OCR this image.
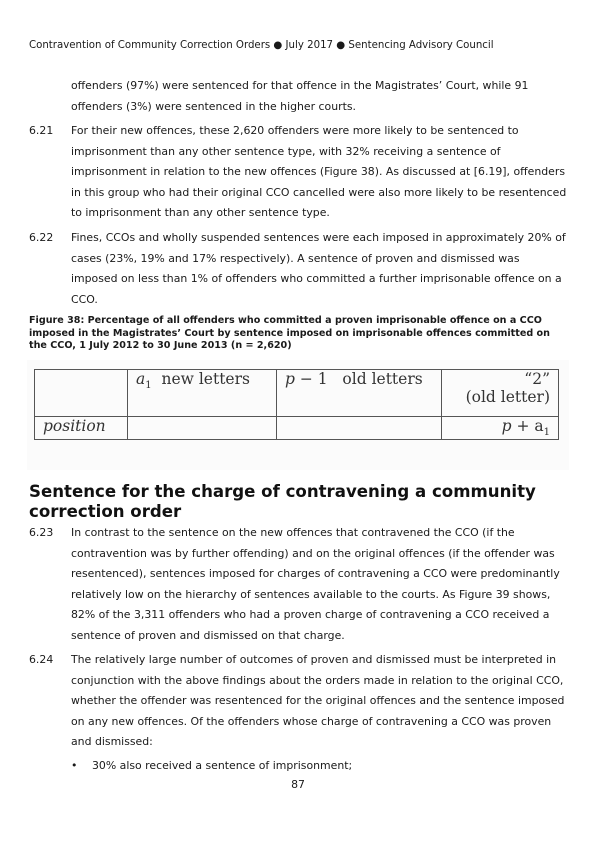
Contravention of Community Correction Orders ● July 2017 ● Sentencing Advisory Council
offenders (97%) were sentenced for that offence in the Magistrates’ Court, while 91 offenders (3%) were sentenced in the higher courts.
6.21 For their new offences, these 2,620 offenders were more likely to be sentenced to imprisonment than any other sentence type, with 32% receiving a sentence of imprisonment in relation to the new offences (Figure 38). As discussed at [6.19], offenders in this group who had their original CCO cancelled were also more likely to be resentenced to imprisonment than any other sentence type.
6.22 Fines, CCOs and wholly suspended sentences were each imposed in approximately 20% of cases (23%, 19% and 17% respectively). A sentence of proven and dismissed was imposed on less than 1% of offenders who committed a further imprisonable offence on a CCO.
Figure 38: Percentage of all offenders who committed a proven imprisonable offence on a CCO imposed in the Magistrates’ Court by sentence imposed on imprisonable offences committed on the CCO, 1 July 2012 to 30 June 2013 (n = 2,620)
	$a_1$ new letters	p − 1   old letters	“2”
(old letter)

position			$p + a_1$
Sentence for the charge of contravening a community correction order
6.23 In contrast to the sentence on the new offences that contravened the CCO (if the contravention was by further offending) and on the original offences (if the offender was resentenced), sentences imposed for charges of contravening a CCO were predominantly relatively low on the hierarchy of sentences available to the courts. As Figure 39 shows, 82% of the 3,311 offenders who had a proven charge of contravening a CCO received a sentence of proven and dismissed on that charge.
6.24 The relatively large number of outcomes of proven and dismissed must be interpreted in conjunction with the above findings about the orders made in relation to the original CCO, whether the offender was resentenced for the original offences and the sentence imposed on any new offences. Of the offenders whose charge of contravening a CCO was proven and dismissed:
• 30% also received a sentence of imprisonment;
87
